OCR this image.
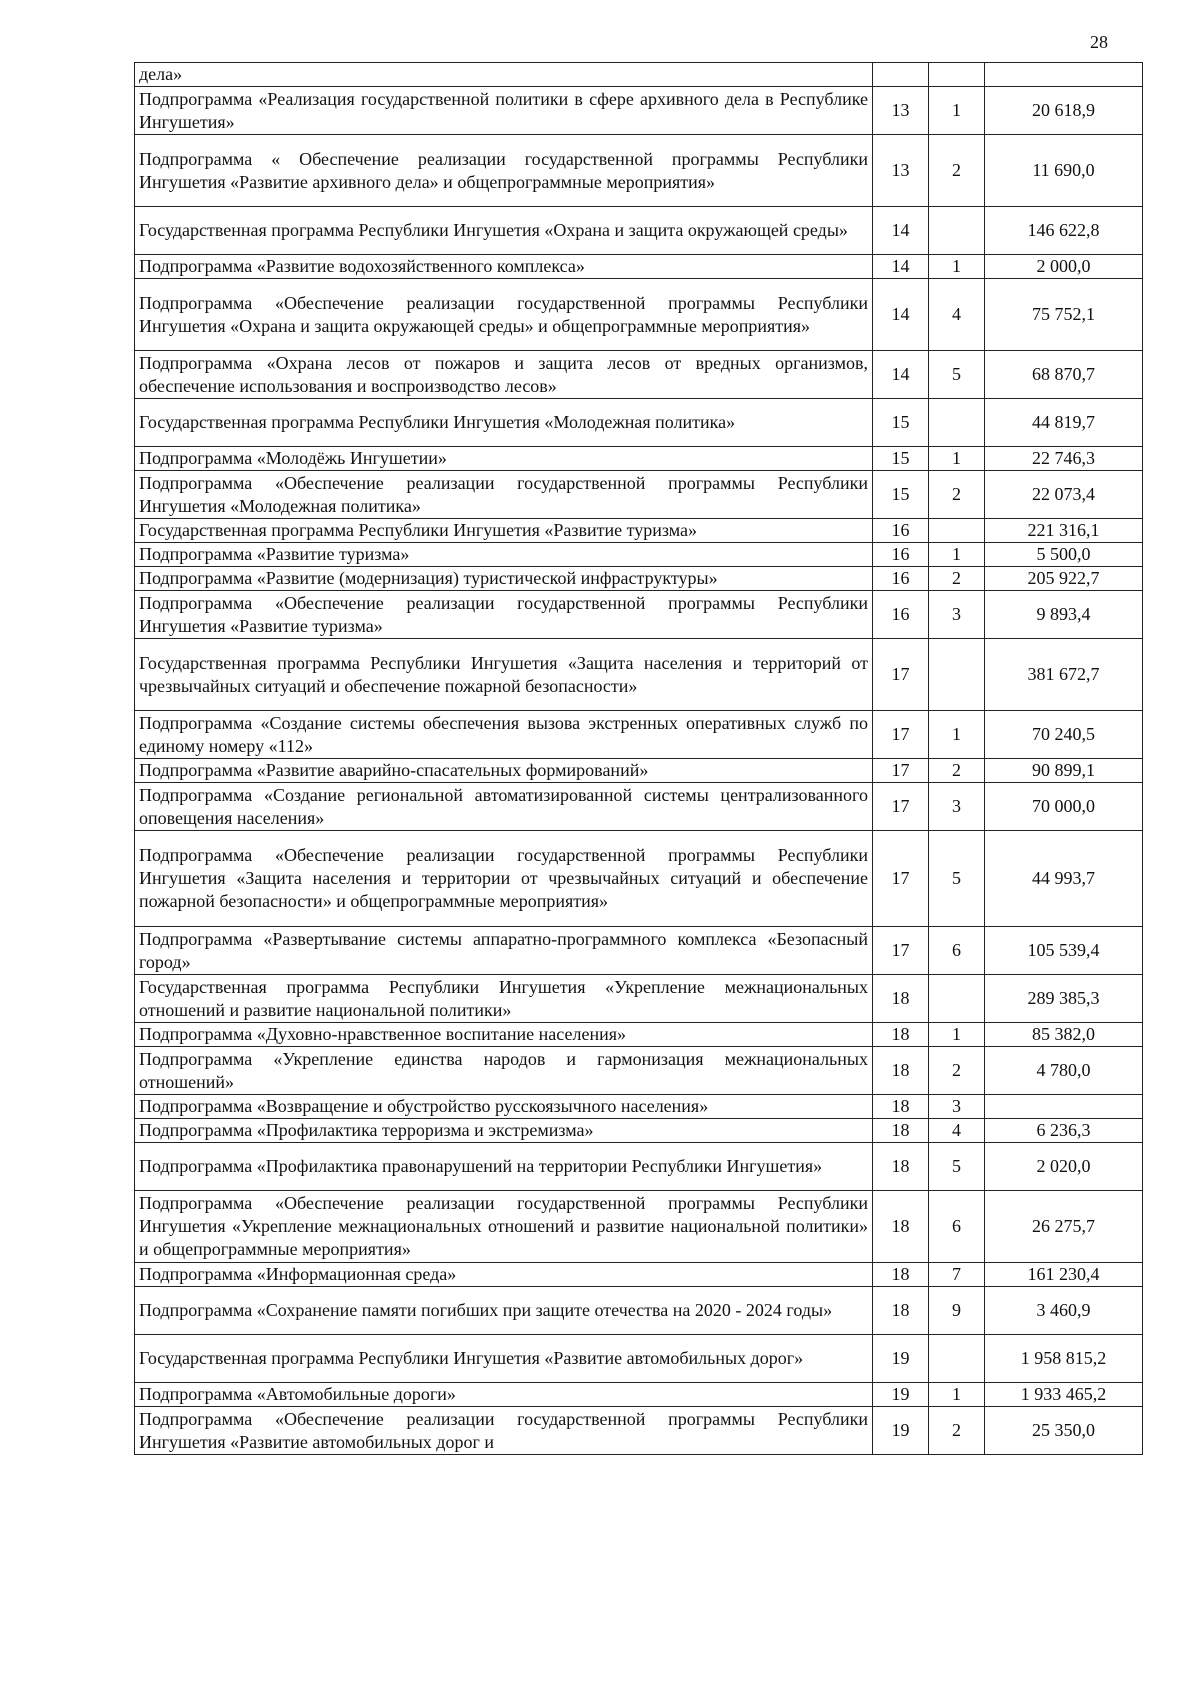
28
дела»			
Подпрограмма «Реализация государственной политики в сфере архивного дела в Республике Ингушетия»	13	1	20 618,9
Подпрограмма « Обеспечение реализации государственной программы Республики Ингушетия «Развитие архивного дела» и общепрограммные мероприятия»	13	2	11 690,0
Государственная программа Республики Ингушетия «Охрана и защита окружающей среды»	14		146 622,8
Подпрограмма «Развитие водохозяйственного комплекса»	14	1	2 000,0
Подпрограмма «Обеспечение реализации государственной программы Республики Ингушетия «Охрана и защита окружающей среды» и общепрограммные мероприятия»	14	4	75 752,1
Подпрограмма «Охрана лесов от пожаров и защита лесов от вредных организмов, обеспечение использования и воспроизводство лесов»	14	5	68 870,7
Государственная программа Республики Ингушетия «Молодежная политика»	15		44 819,7
Подпрограмма «Молодёжь Ингушетии»	15	1	22 746,3
Подпрограмма «Обеспечение реализации государственной программы Республики Ингушетия «Молодежная политика»	15	2	22 073,4
Государственная программа Республики Ингушетия «Развитие туризма»	16		221 316,1
Подпрограмма «Развитие туризма»	16	1	5 500,0
Подпрограмма «Развитие (модернизация) туристической инфраструктуры»	16	2	205 922,7
Подпрограмма «Обеспечение реализации государственной программы Республики Ингушетия «Развитие туризма»	16	3	9 893,4
Государственная программа Республики Ингушетия «Защита населения и территорий от чрезвычайных ситуаций и обеспечение пожарной безопасности»	17		381 672,7
Подпрограмма «Создание системы обеспечения вызова экстренных оперативных служб по единому номеру «112»	17	1	70 240,5
Подпрограмма «Развитие аварийно-спасательных формирований»	17	2	90 899,1
Подпрограмма «Создание региональной автоматизированной системы централизованного оповещения населения»	17	3	70 000,0
Подпрограмма «Обеспечение реализации государственной программы Республики Ингушетия «Защита населения и территории от чрезвычайных ситуаций и обеспечение пожарной безопасности» и общепрограммные мероприятия»	17	5	44 993,7
Подпрограмма «Развертывание системы аппаратно-программного комплекса «Безопасный город»	17	6	105 539,4
Государственная программа Республики Ингушетия «Укрепление межнациональных отношений и развитие национальной политики»	18		289 385,3
Подпрограмма «Духовно-нравственное воспитание населения»	18	1	85 382,0
Подпрограмма «Укрепление единства народов и гармонизация межнациональных отношений»	18	2	4 780,0
Подпрограмма «Возвращение и обустройство русскоязычного населения»	18	3	
Подпрограмма «Профилактика терроризма и экстремизма»	18	4	6 236,3
Подпрограмма «Профилактика правонарушений на территории Республики Ингушетия»	18	5	2 020,0
Подпрограмма «Обеспечение реализации государственной программы Республики Ингушетия «Укрепление межнациональных отношений и развитие национальной политики» и общепрограммные мероприятия»	18	6	26 275,7
Подпрограмма «Информационная среда»	18	7	161 230,4
Подпрограмма «Сохранение памяти погибших при защите отечества на 2020 - 2024 годы»	18	9	3 460,9
Государственная программа Республики Ингушетия «Развитие автомобильных дорог»	19		1 958 815,2
Подпрограмма «Автомобильные дороги»	19	1	1 933 465,2
Подпрограмма «Обеспечение реализации государственной программы Республики Ингушетия «Развитие автомобильных дорог и	19	2	25 350,0
